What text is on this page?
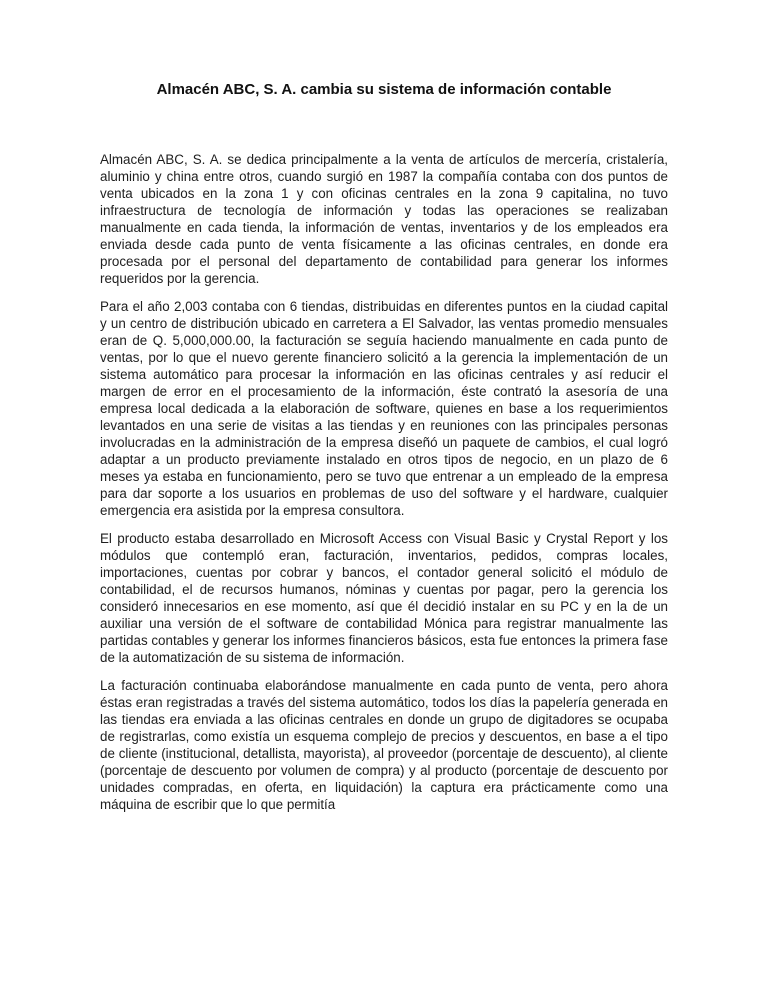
Almacén ABC, S. A. cambia su sistema de información contable

Almacén ABC, S. A. se dedica principalmente a la venta de artículos de mercería, cristalería, aluminio y china entre otros, cuando surgió en 1987 la compañía contaba con dos puntos de venta ubicados en la zona 1 y con oficinas centrales en la zona 9 capitalina, no tuvo infraestructura de tecnología de información y todas las operaciones se realizaban manualmente en cada tienda, la información de ventas, inventarios y de los empleados era enviada desde cada punto de venta físicamente a las oficinas centrales, en donde era procesada por el personal del departamento de contabilidad para generar los informes requeridos por la gerencia.

Para el año 2,003 contaba con 6 tiendas, distribuidas en diferentes puntos en la ciudad capital y un centro de distribución ubicado en carretera a El Salvador, las ventas promedio mensuales eran de Q. 5,000,000.00, la facturación se seguía haciendo manualmente en cada punto de ventas, por lo que el nuevo gerente financiero solicitó a la gerencia la implementación de un sistema automático para procesar la información en las oficinas centrales y así reducir el margen de error en el procesamiento de la información, éste contrató la asesoría de una empresa local dedicada a la elaboración de software, quienes en base a los requerimientos levantados en una serie de visitas a las tiendas y en reuniones con las principales personas involucradas en la administración de la empresa diseñó un paquete de cambios, el cual logró adaptar a un producto previamente instalado en otros tipos de negocio, en un plazo de 6 meses ya estaba en funcionamiento, pero se tuvo que entrenar a un empleado de la empresa para dar soporte a los usuarios en problemas de uso del software y el hardware, cualquier emergencia era asistida por la empresa consultora.

El producto estaba desarrollado en Microsoft Access con Visual Basic y Crystal Report y los módulos que contempló eran, facturación, inventarios, pedidos, compras locales, importaciones, cuentas por cobrar y bancos, el contador general solicitó el módulo de contabilidad, el de recursos humanos, nóminas y cuentas por pagar, pero la gerencia los consideró innecesarios en ese momento, así que él decidió instalar en su PC y en la de un auxiliar una versión de el software de contabilidad Mónica para registrar manualmente las partidas contables y generar los informes financieros básicos, esta fue entonces la primera fase de la automatización de su sistema de información.

La facturación continuaba elaborándose manualmente en cada punto de venta, pero ahora éstas eran registradas a través del sistema automático, todos los días la papelería generada en las tiendas era enviada a las oficinas centrales en donde un grupo de digitadores se ocupaba de registrarlas, como existía un esquema complejo de precios y descuentos, en base a el tipo de cliente (institucional, detallista, mayorista), al proveedor (porcentaje de descuento), al cliente (porcentaje de descuento por volumen de compra) y al producto (porcentaje de descuento por unidades compradas, en oferta, en liquidación) la captura era prácticamente como una máquina de escribir que lo que permitía
